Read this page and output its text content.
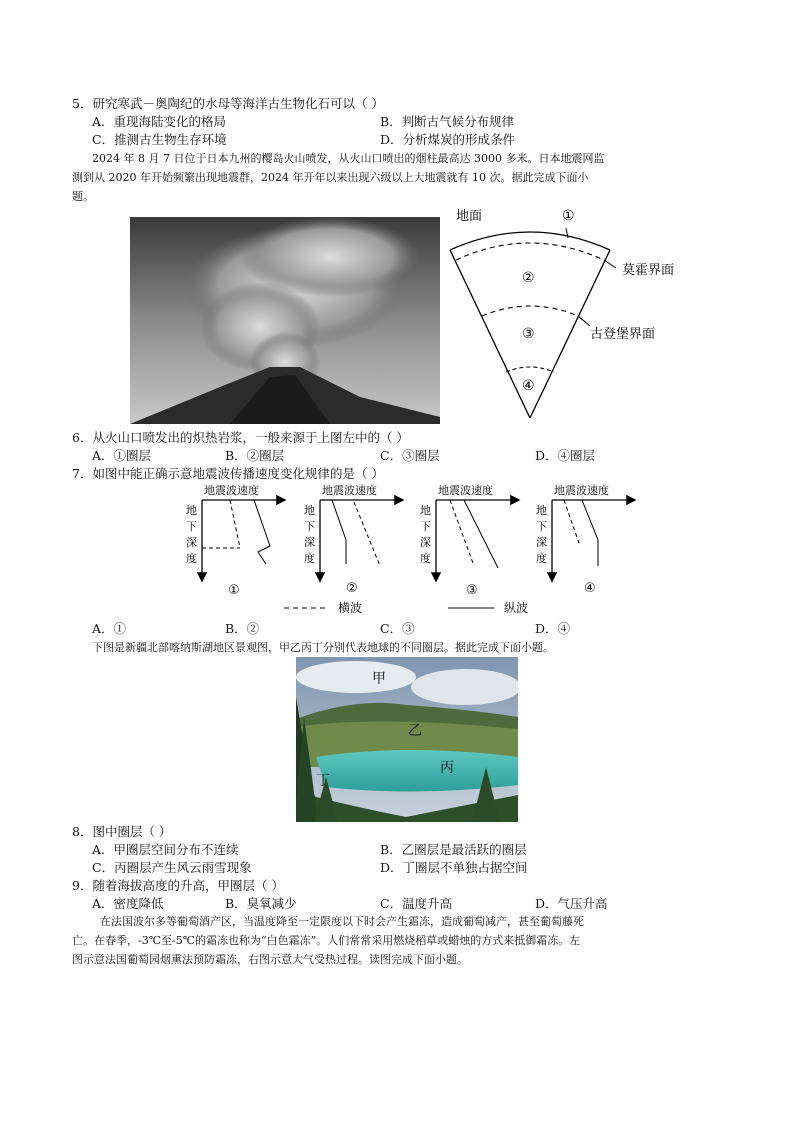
5．研究寒武－奥陶纪的水母等海洋古生物化石可以（ ）
A．重现海陆变化的格局	B．判断古气候分布规律
C．推测古生物生存环境	D．分析煤炭的形成条件
2024 年 8 月 7 日位于日本九州的樱岛火山喷发，从火山口喷出的烟柱最高达 3000 多米。日本地震网监
测到从 2020 年开始频繁出现地震群，2024 年开年以来出现六级以上大地震就有 10 次。据此完成下面小
题。
地面	①
莫霍界面
②
古登堡界面
③
④
6．从火山口喷发出的炽热岩浆，一般来源于上图左中的（ ）
A．①圈层	B．②圈层	C．③圈层	D．④圈层
7．如图中能正确示意地震波传播速度变化规律的是（ ）
地震波速度
地
下
深
度
①
地震波速度
地
下
深
度
②
地震波速度
地
下
深
度
③
地震波速度
地
下
深
度
④
横波	纵波
A．①	B．②	C．③	D．④
下图是新疆北部喀纳斯湖地区景观图，甲乙丙丁分别代表地球的不同圈层。据此完成下面小题。
甲
乙
丙
丁
8．图中圈层（ ）
A．甲圈层空间分布不连续	B．乙圈层是最活跃的圈层
C．丙圈层产生风云雨雪现象	D．丁圈层不单独占据空间
9．随着海拔高度的升高，甲圈层（ ）
A．密度降低	B．臭氧减少	C．温度升高	D．气压升高
在法国波尔多等葡萄酒产区，当温度降至一定限度以下时会产生霜冻，造成葡萄减产，甚至葡萄藤死
亡。在春季，-3℃至-5℃的霜冻也称为“白色霜冻”。人们常常采用燃烧稻草或蜡烛的方式来抵御霜冻。左
图示意法国葡萄园烟熏法预防霜冻，右图示意大气受热过程。读图完成下面小题。
